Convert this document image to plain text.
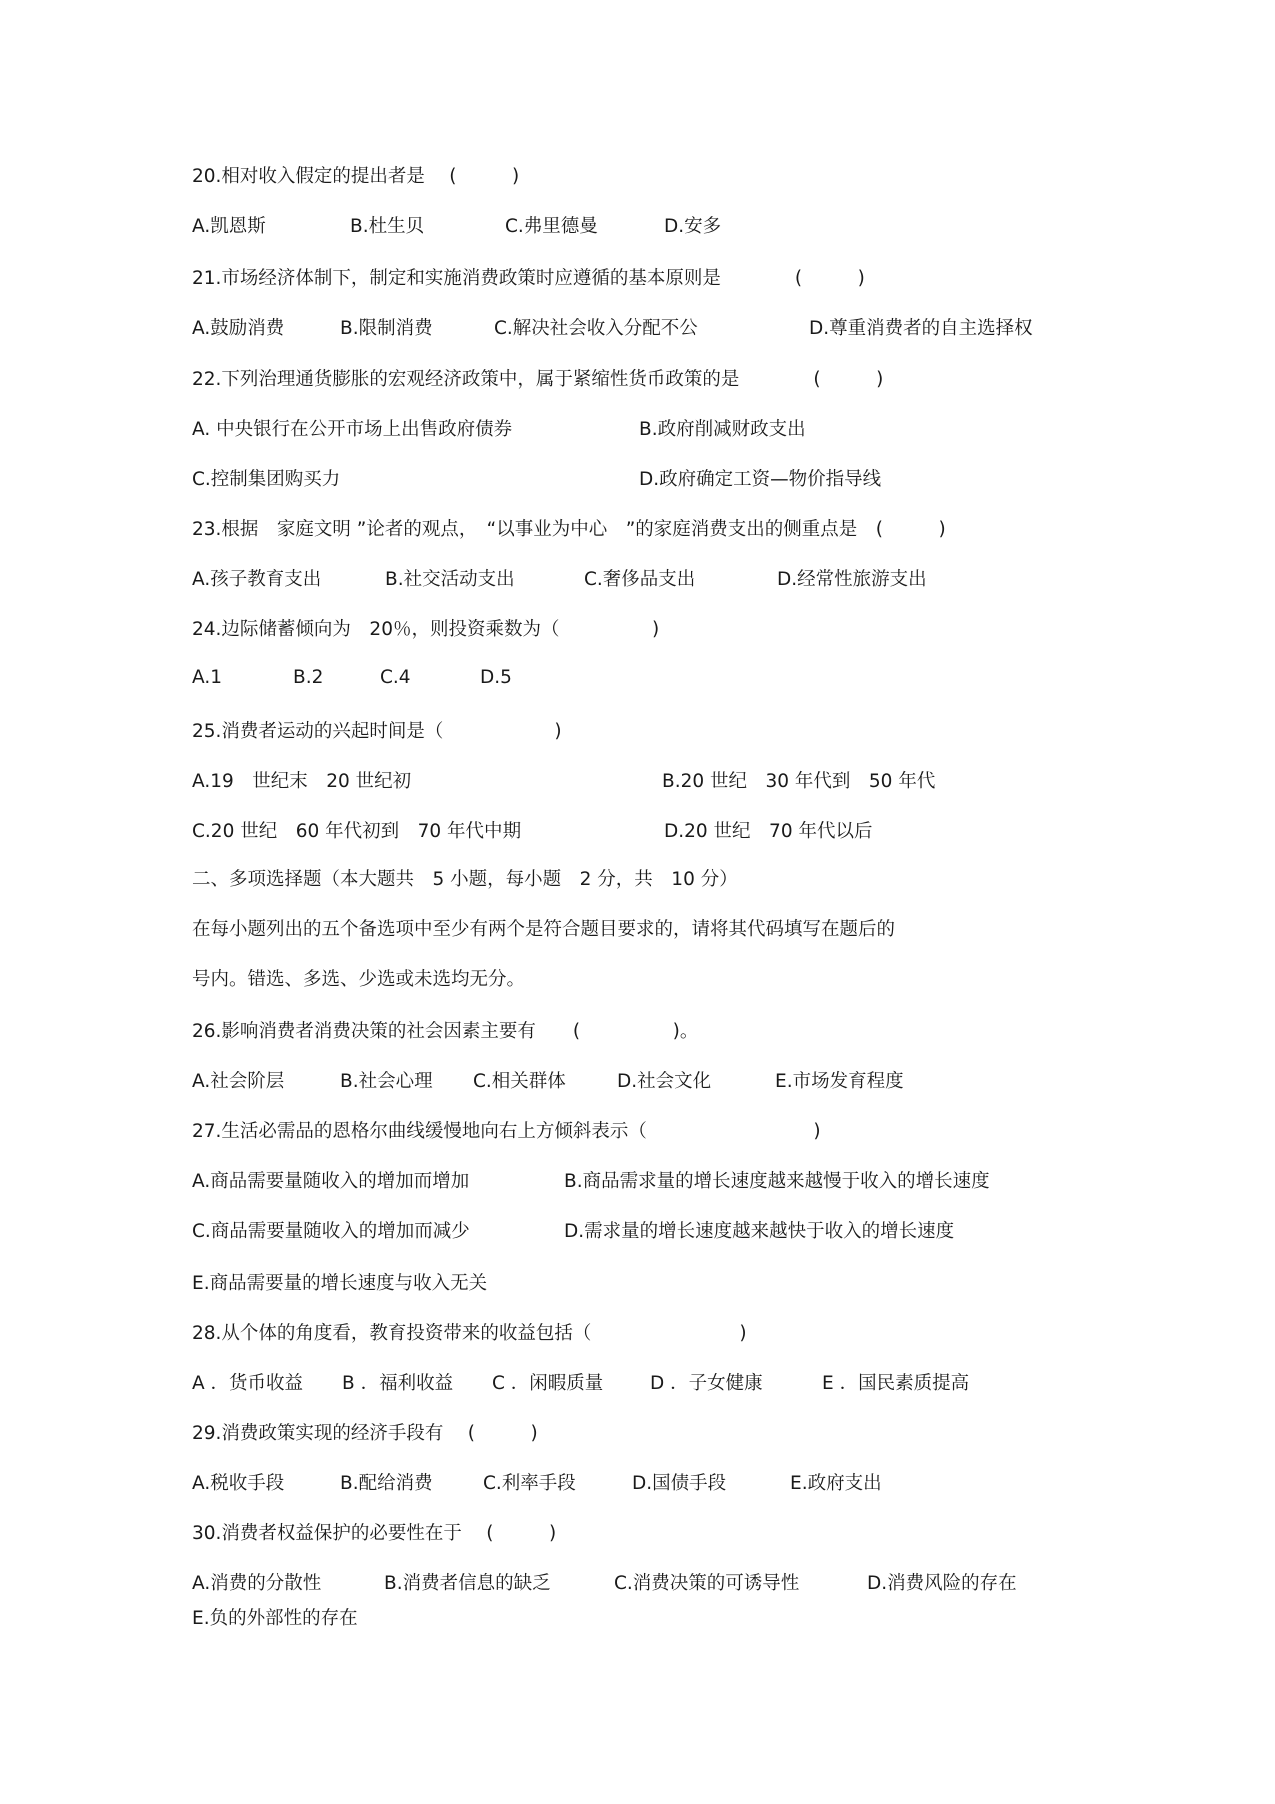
20.相对收入假定的提出者是　 (　　　)
A.凯恩斯	B.杜生贝	C.弗里德曼	D.安多
21.市场经济体制下，制定和实施消费政策时应遵循的基本原则是　　　　(　　　)
A.鼓励消费	B.限制消费	C.解决社会收入分配不公	D.尊重消费者的自主选择权
22.下列治理通货膨胀的宏观经济政策中，属于紧缩性货币政策的是　　　　(　　　)
A. 中央银行在公开市场上出售政府债券	B.政府削减财政支出
C.控制集团购买力	D.政府确定工资—物价指导线
23.根据　家庭文明 ”论者的观点，　“以事业为中心　”的家庭消费支出的侧重点是　(　　　)
A.孩子教育支出	B.社交活动支出	C.奢侈品支出	D.经常性旅游支出
24.边际储蓄倾向为　20％，则投资乘数为（　　　　　)
A.1	B.2	C.4	D.5
25.消费者运动的兴起时间是（　　　　　　)
A.19　世纪末　20 世纪初	B.20 世纪　30 年代到　50 年代
C.20 世纪　60 年代初到　70 年代中期	D.20 世纪　70 年代以后
二、多项选择题（本大题共　5 小题，每小题　2 分，共　10 分）
在每小题列出的五个备选项中至少有两个是符合题目要求的，请将其代码填写在题后的
号内。错选、多选、少选或未选均无分。
26.影响消费者消费决策的社会因素主要有　　(　　　　　)。
A.社会阶层	B.社会心理 C.相关群体	D.社会文化	E.市场发育程度
27.生活必需品的恩格尔曲线缓慢地向右上方倾斜表示（　　　　　　　　　)
A.商品需要量随收入的增加而增加	B.商品需求量的增长速度越来越慢于收入的增长速度
C.商品需要量随收入的增加而减少	D.需求量的增长速度越来越快于收入的增长速度
E.商品需要量的增长速度与收入无关
28.从个体的角度看，教育投资带来的收益包括（　　　　　　　　)
A ．货币收益 B ．福利收益 C ．闲暇质量	D ．子女健康	E ．国民素质提高
29.消费政策实现的经济手段有　 (　　　)
A.税收手段	B.配给消费	C.利率手段	D.国债手段	E.政府支出
30.消费者权益保护的必要性在于　 (　　　)
A.消费的分散性	B.消费者信息的缺乏	C.消费决策的可诱导性	D.消费风险的存在
E.负的外部性的存在
